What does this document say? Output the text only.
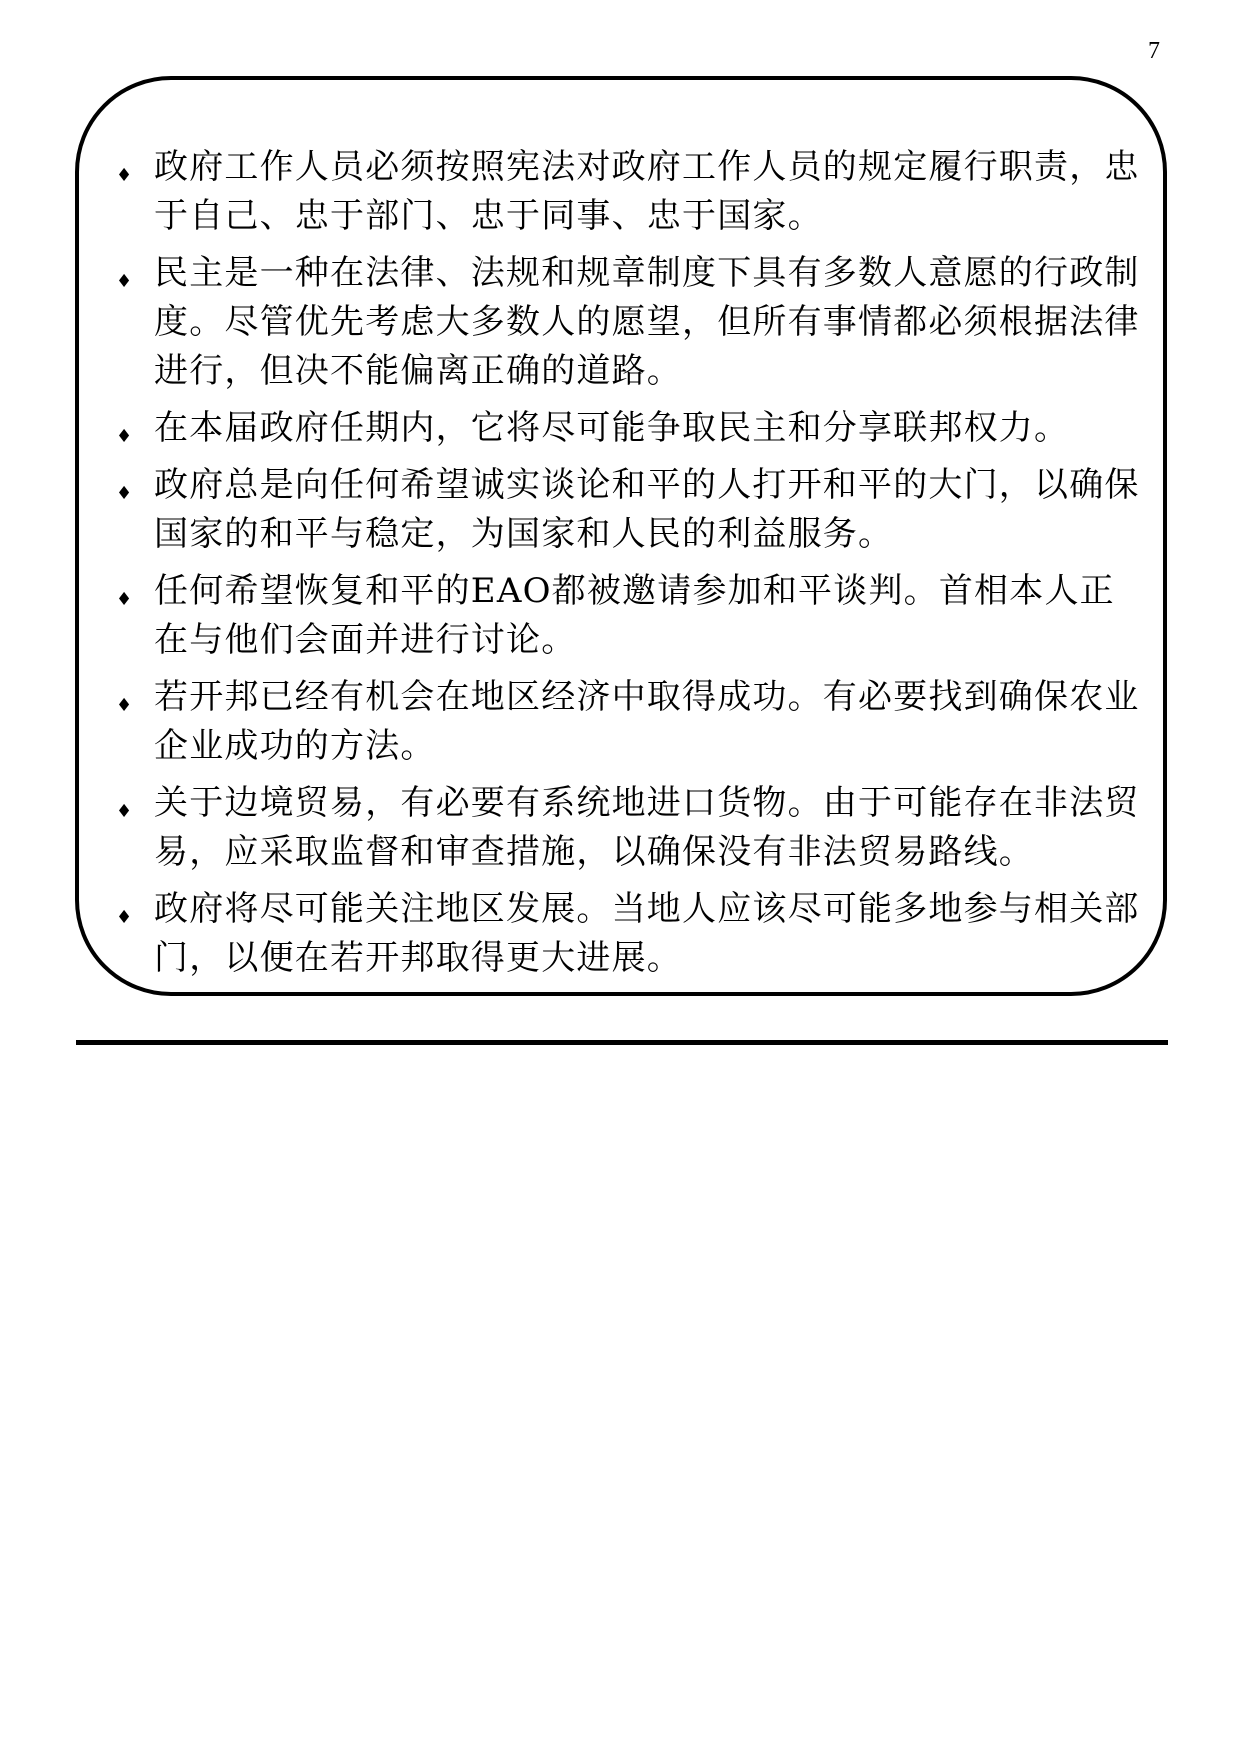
7
♦ 政府工作人员必须按照宪法对政府工作人员的规定履行职责，忠于自己、忠于部门、忠于同事、忠于国家。
♦ 民主是一种在法律、法规和规章制度下具有多数人意愿的行政制度。尽管优先考虑大多数人的愿望，但所有事情都必须根据法律进行，但决不能偏离正确的道路。
♦ 在本届政府任期内，它将尽可能争取民主和分享联邦权力。
♦ 政府总是向任何希望诚实谈论和平的人打开和平的大门，以确保国家的和平与稳定，为国家和人民的利益服务。
♦ 任何希望恢复和平的EAO都被邀请参加和平谈判。首相本人正在与他们会面并进行讨论。
♦ 若开邦已经有机会在地区经济中取得成功。有必要找到确保农业企业成功的方法。
♦ 关于边境贸易，有必要有系统地进口货物。由于可能存在非法贸易，应采取监督和审查措施，以确保没有非法贸易路线。
♦ 政府将尽可能关注地区发展。当地人应该尽可能多地参与相关部门，以便在若开邦取得更大进展。
